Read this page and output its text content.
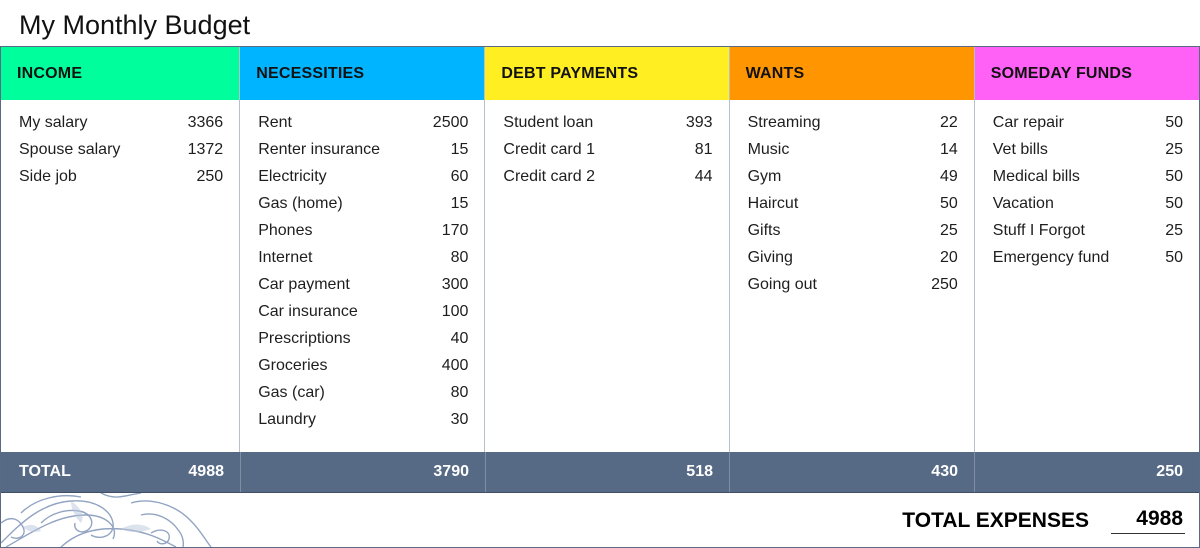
My Monthly Budget
INCOME
My salary	3366
Spouse salary	1372
Side job	250
NECESSITIES
Rent	2500
Renter insurance	15
Electricity	60
Gas (home)	15
Phones	170
Internet	80
Car payment	300
Car insurance	100
Prescriptions	40
Groceries	400
Gas (car)	80
Laundry	30
DEBT PAYMENTS
Student loan	393
Credit card 1	81
Credit card 2	44
WANTS
Streaming	22
Music	14
Gym	49
Haircut	50
Gifts	25
Giving	20
Going out	250
SOMEDAY FUNDS
Car repair	50
Vet bills	25
Medical bills	50
Vacation	50
Stuff I Forgot	25
Emergency fund	50
TOTAL	4988	3790	518	430	250
TOTAL EXPENSES	4988
